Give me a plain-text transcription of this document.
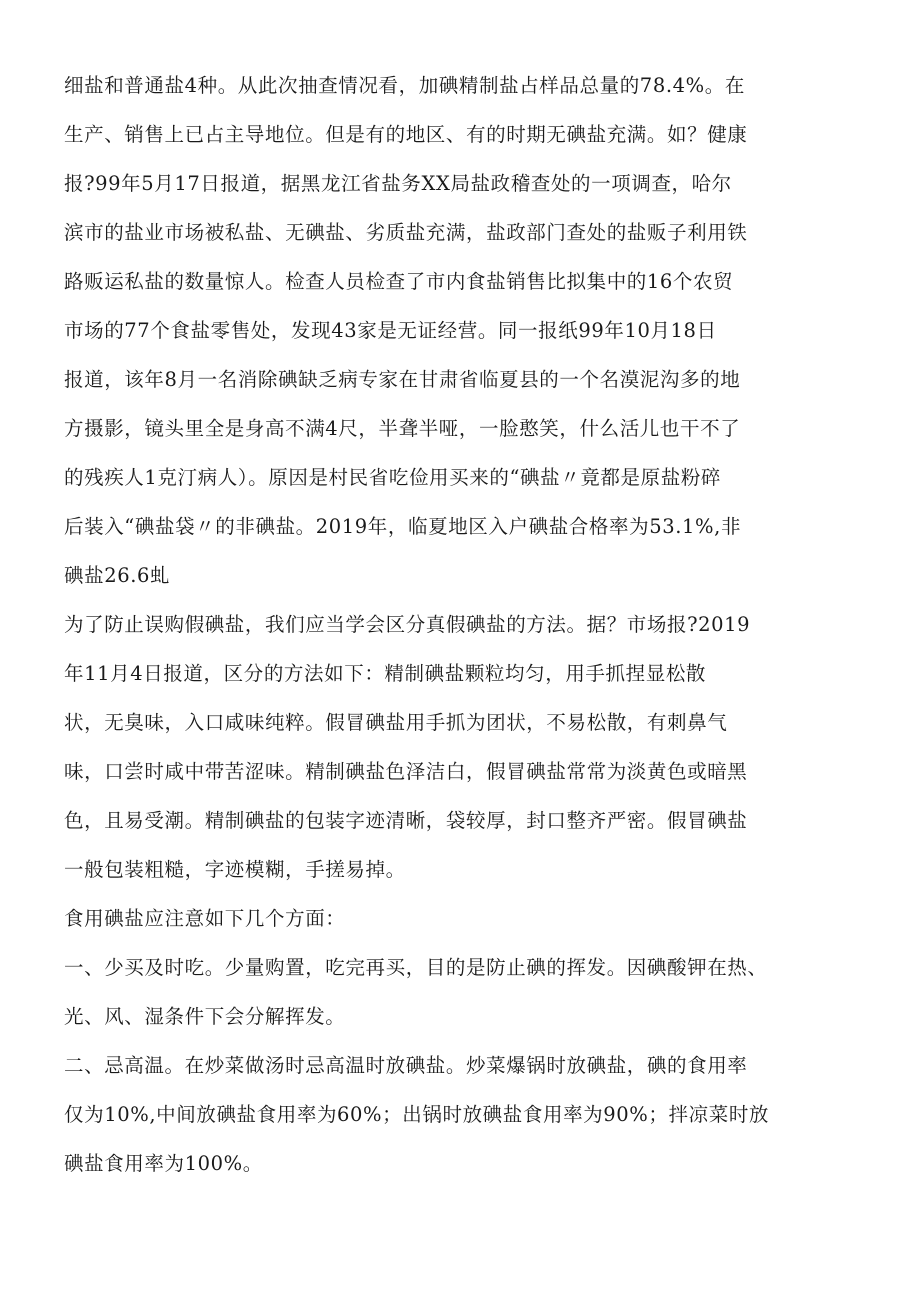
细盐和普通盐4种。从此次抽查情况看，加碘精制盐占样品总量的78.4%。在
生产、销售上已占主导地位。但是有的地区、有的时期无碘盐充满。如？健康
报?99年5月17日报道，据黑龙江省盐务XX局盐政稽查处的一项调查，哈尔
滨市的盐业市场被私盐、无碘盐、劣质盐充满，盐政部门查处的盐贩子利用铁
路贩运私盐的数量惊人。检查人员检查了市内食盐销售比拟集中的16个农贸
市场的77个食盐零售处，发现43家是无证经营。同一报纸99年10月18日
报道，该年8月一名消除碘缺乏病专家在甘肃省临夏县的一个名漠泥沟多的地
方摄影，镜头里全是身高不满4尺，半聋半哑，一脸憨笑，什么活儿也干不了
的残疾人1克汀病人）。原因是村民省吃俭用买来的“碘盐〃竟都是原盐粉碎
后装入“碘盐袋〃的非碘盐。2019年，临夏地区入户碘盐合格率为53.1%,非
碘盐26.6虬
为了防止误购假碘盐，我们应当学会区分真假碘盐的方法。据？市场报?2019
年11月4日报道，区分的方法如下：精制碘盐颗粒均匀，用手抓捏显松散
状，无臭味，入口咸味纯粹。假冒碘盐用手抓为团状，不易松散，有刺鼻气
味，口尝时咸中带苦涩味。精制碘盐色泽洁白，假冒碘盐常常为淡黄色或暗黑
色，且易受潮。精制碘盐的包装字迹清晰，袋较厚，封口整齐严密。假冒碘盐
一般包装粗糙，字迹模糊，手搓易掉。
食用碘盐应注意如下几个方面：
一、少买及时吃。少量购置，吃完再买，目的是防止碘的挥发。因碘酸钾在热、
光、风、湿条件下会分解挥发。
二、忌高温。在炒菜做汤时忌高温时放碘盐。炒菜爆锅时放碘盐，碘的食用率
仅为10%,中间放碘盐食用率为60%；出锅时放碘盐食用率为90%；拌凉菜时放
碘盐食用率为100%。
